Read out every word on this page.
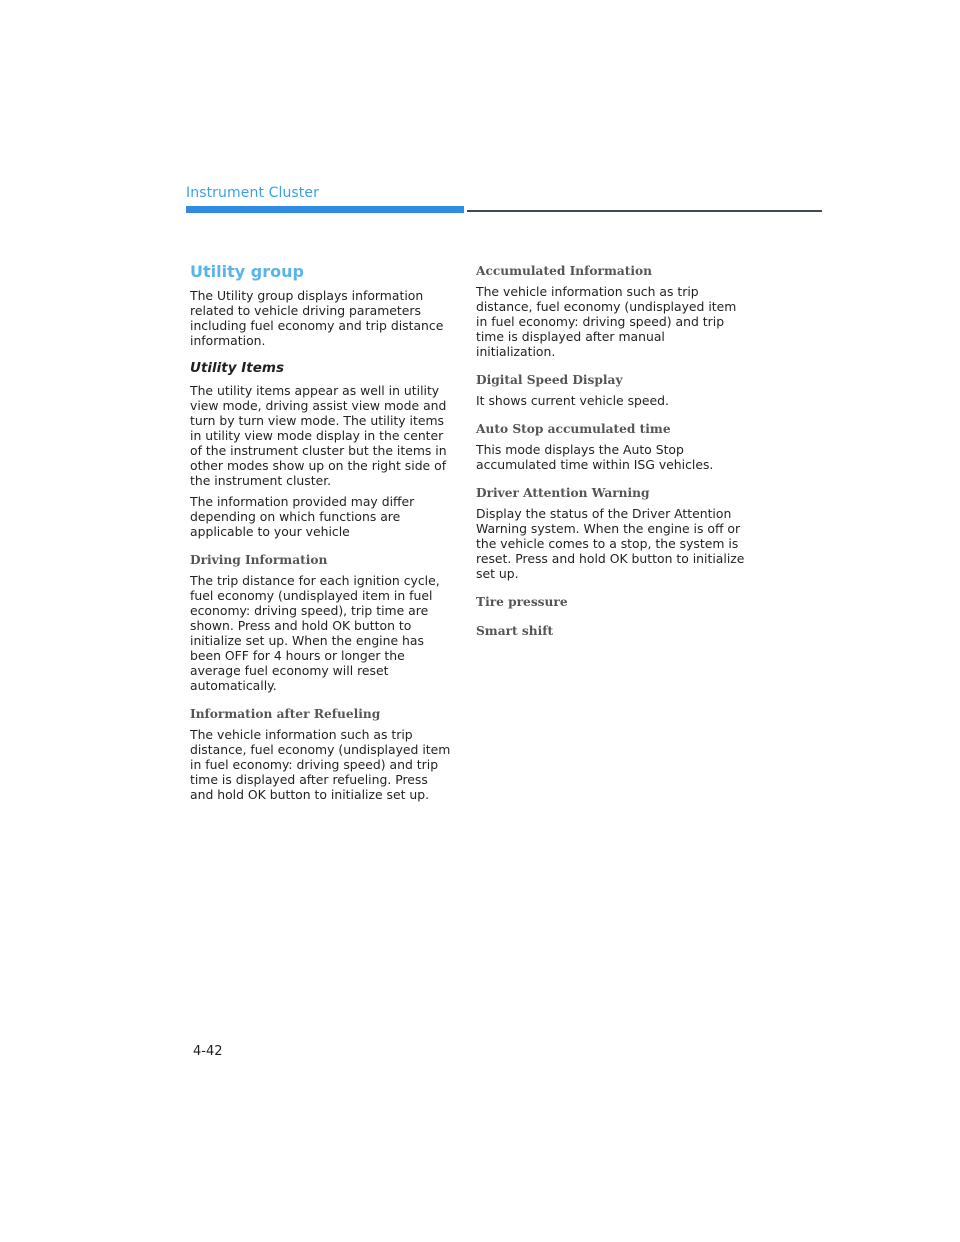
Instrument Cluster
Utility group

The Utility group displays information related to vehicle driving parameters including fuel economy and trip distance information.

Utility Items

The utility items appear as well in utility view mode, driving assist view mode and turn by turn view mode. The utility items in utility view mode display in the center of the instrument cluster but the items in other modes show up on the right side of the instrument cluster.

The information provided may differ depending on which functions are applicable to your vehicle

Driving Information

The trip distance for each ignition cycle, fuel economy (undisplayed item in fuel economy: driving speed), trip time are shown. Press and hold OK button to initialize set up. When the engine has been OFF for 4 hours or longer the average fuel economy will reset automatically.

Information after Refueling

The vehicle information such as trip distance, fuel economy (undisplayed item in fuel economy: driving speed) and trip time is displayed after refueling. Press and hold OK button to initialize set up.

Accumulated Information

The vehicle information such as trip distance, fuel economy (undisplayed item in fuel economy: driving speed) and trip time is displayed after manual initialization.

Digital Speed Display

It shows current vehicle speed.

Auto Stop accumulated time

This mode displays the Auto Stop accumulated time within ISG vehicles.

Driver Attention Warning

Display the status of the Driver Attention Warning system. When the engine is off or the vehicle comes to a stop, the system is reset. Press and hold OK button to initialize set up.

Tire pressure
Smart shift
4-42
